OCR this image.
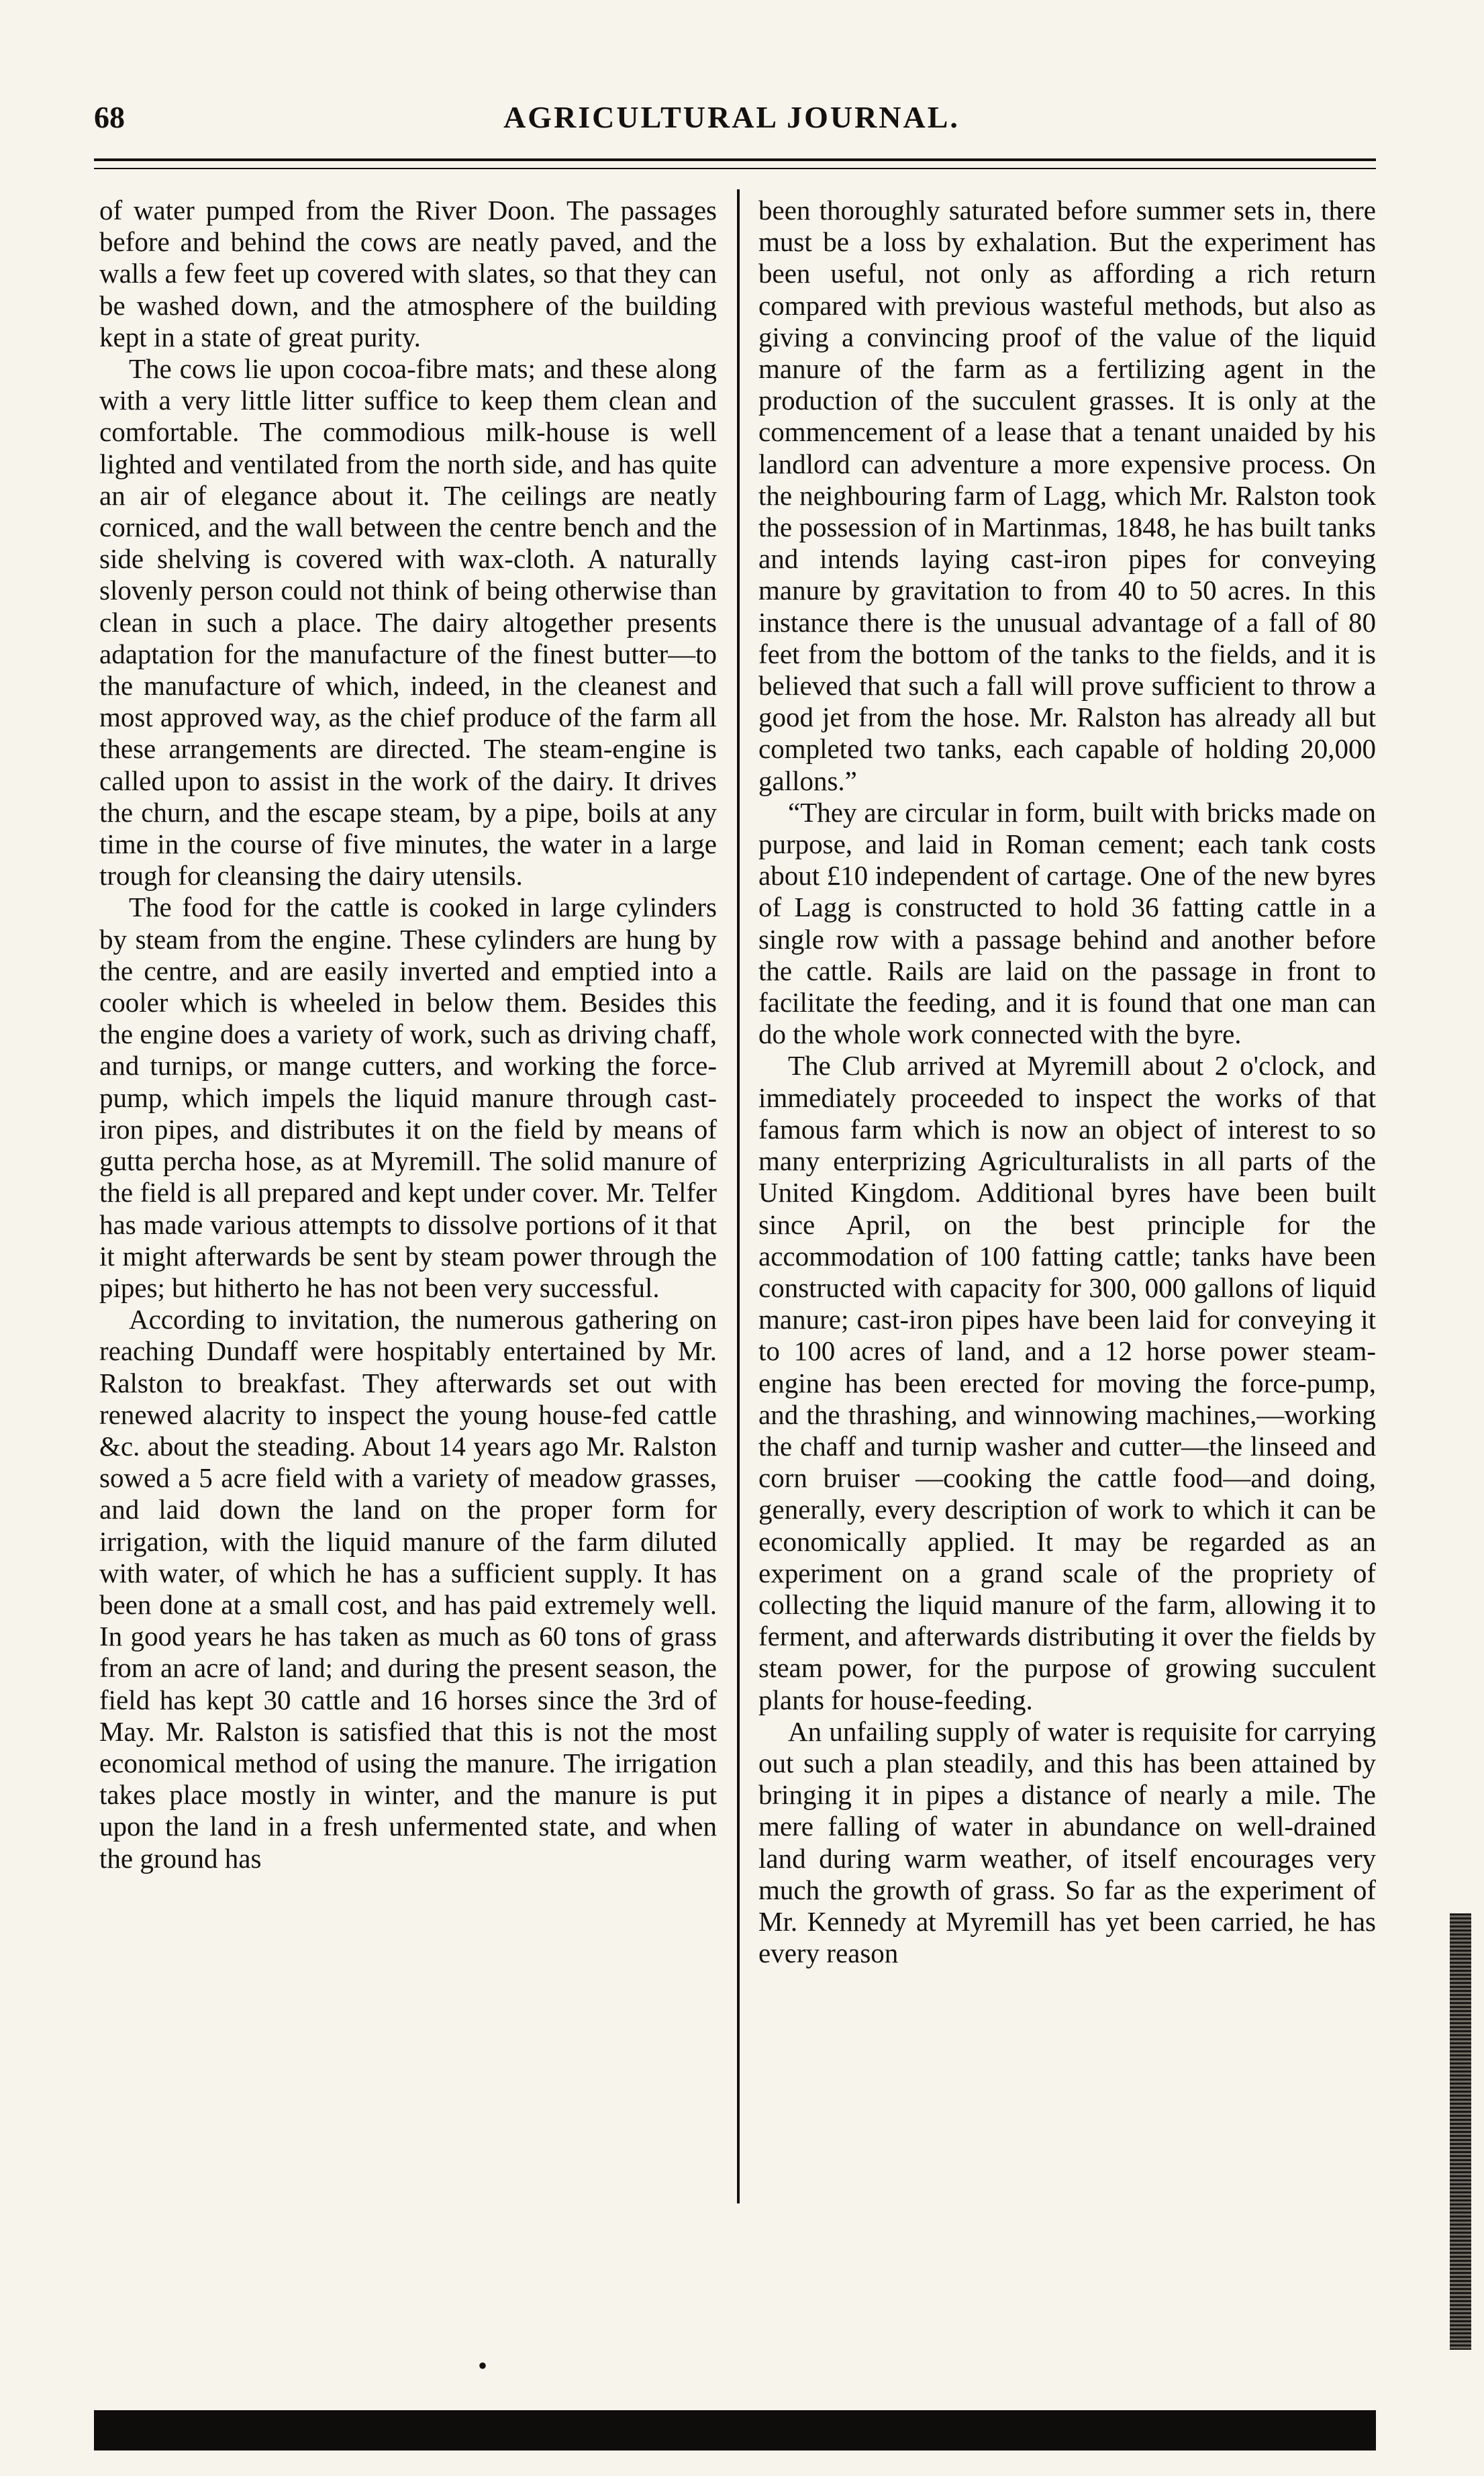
68	AGRICULTURAL JOURNAL.

of water pumped from the River Doon. The passages before and behind the cows are neatly paved, and the walls a few feet up covered with slates, so that they can be washed down, and the atmosphere of the building kept in a state of great purity.

The cows lie upon cocoa-fibre mats; and these along with a very little litter suffice to keep them clean and comfortable. The commodious milk-house is well lighted and ventilated from the north side, and has quite an air of elegance about it. The ceilings are neatly corniced, and the wall between the centre bench and the side shelving is covered with wax-cloth. A naturally slovenly person could not think of being otherwise than clean in such a place. The dairy altogether presents adaptation for the manufacture of the finest butter—to the manufacture of which, indeed, in the cleanest and most approved way, as the chief produce of the farm all these arrangements are directed. The steam-engine is called upon to assist in the work of the dairy. It drives the churn, and the escape steam, by a pipe, boils at any time in the course of five minutes, the water in a large trough for cleansing the dairy utensils.

The food for the cattle is cooked in large cylinders by steam from the engine. These cylinders are hung by the centre, and are easily inverted and emptied into a cooler which is wheeled in below them. Besides this the engine does a variety of work, such as driving chaff, and turnips, or mange cutters, and working the force-pump, which impels the liquid manure through cast-iron pipes, and distributes it on the field by means of gutta percha hose, as at Myremill. The solid manure of the field is all prepared and kept under cover. Mr. Telfer has made various attempts to dissolve portions of it that it might afterwards be sent by steam power through the pipes; but hitherto he has not been very successful.

According to invitation, the numerous gathering on reaching Dundaff were hospitably entertained by Mr. Ralston to breakfast. They afterwards set out with renewed alacrity to inspect the young house-fed cattle &c. about the steading. About 14 years ago Mr. Ralston sowed a 5 acre field with a variety of meadow grasses, and laid down the land on the proper form for irrigation, with the liquid manure of the farm diluted with water, of which he has a sufficient supply. It has been done at a small cost, and has paid extremely well. In good years he has taken as much as 60 tons of grass from an acre of land; and during the present season, the field has kept 30 cattle and 16 horses since the 3rd of May. Mr. Ralston is satisfied that this is not the most economical method of using the manure. The irrigation takes place mostly in winter, and the manure is put upon the land in a fresh unfermented state, and when the ground has

been thoroughly saturated before summer sets in, there must be a loss by exhalation. But the experiment has been useful, not only as affording a rich return compared with previous wasteful methods, but also as giving a convincing proof of the value of the liquid manure of the farm as a fertilizing agent in the production of the succulent grasses. It is only at the commencement of a lease that a tenant unaided by his landlord can adventure a more expensive process. On the neighbouring farm of Lagg, which Mr. Ralston took the possession of in Martinmas, 1848, he has built tanks and intends laying cast-iron pipes for conveying manure by gravitation to from 40 to 50 acres. In this instance there is the unusual advantage of a fall of 80 feet from the bottom of the tanks to the fields, and it is believed that such a fall will prove sufficient to throw a good jet from the hose. Mr. Ralston has already all but completed two tanks, each capable of holding 20,000 gallons.”

“They are circular in form, built with bricks made on purpose, and laid in Roman cement; each tank costs about £10 independent of cartage. One of the new byres of Lagg is constructed to hold 36 fatting cattle in a single row with a passage behind and another before the cattle. Rails are laid on the passage in front to facilitate the feeding, and it is found that one man can do the whole work connected with the byre.

The Club arrived at Myremill about 2 o'clock, and immediately proceeded to inspect the works of that famous farm which is now an object of interest to so many enterprizing Agriculturalists in all parts of the United Kingdom. Additional byres have been built since April, on the best principle for the accommodation of 100 fatting cattle; tanks have been constructed with capacity for 300, 000 gallons of liquid manure; cast-iron pipes have been laid for conveying it to 100 acres of land, and a 12 horse power steam-engine has been erected for moving the force-pump, and the thrashing, and winnowing machines,—working the chaff and turnip washer and cutter—the linseed and corn bruiser —cooking the cattle food—and doing, generally, every description of work to which it can be economically applied. It may be regarded as an experiment on a grand scale of the propriety of collecting the liquid manure of the farm, allowing it to ferment, and afterwards distributing it over the fields by steam power, for the purpose of growing succulent plants for house-feeding.

An unfailing supply of water is requisite for carrying out such a plan steadily, and this has been attained by bringing it in pipes a distance of nearly a mile. The mere falling of water in abundance on well-drained land during warm weather, of itself encourages very much the growth of grass. So far as the experiment of Mr. Kennedy at Myremill has yet been carried, he has every reason

•
